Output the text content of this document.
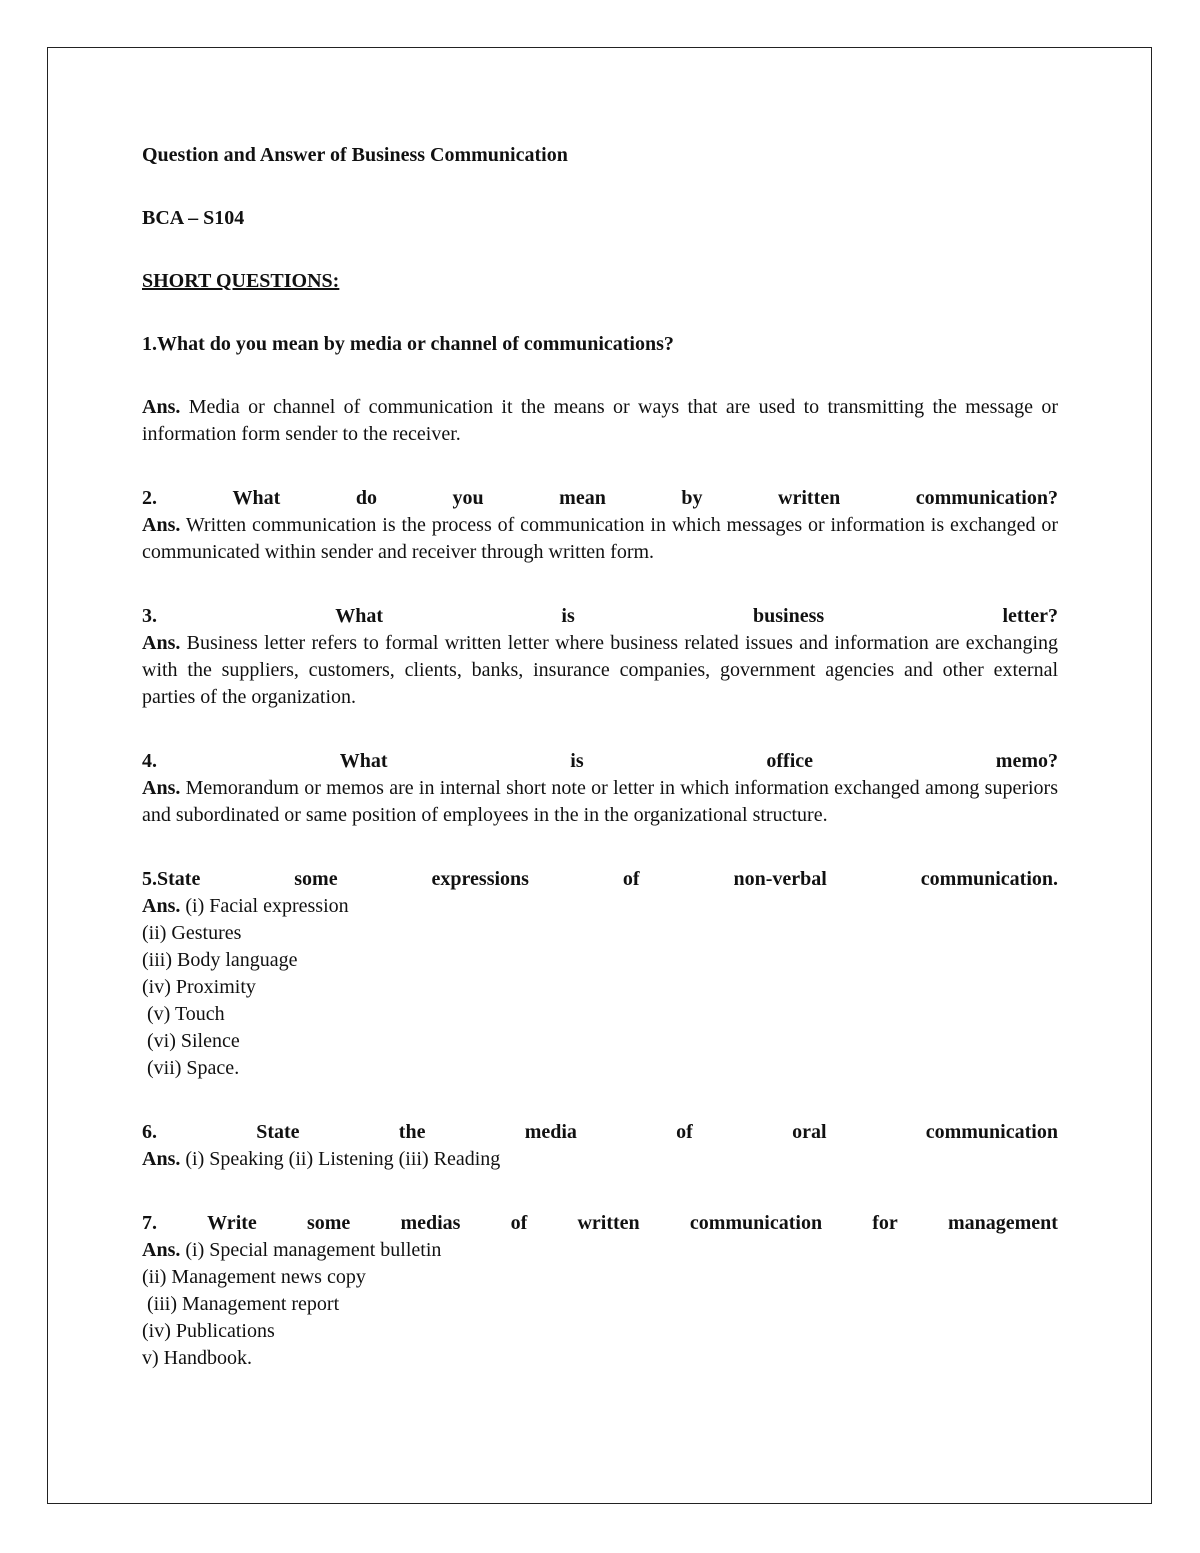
Question and Answer of Business Communication
BCA – S104
SHORT QUESTIONS:
1.What do you mean by media or channel of communications?

Ans. Media or channel of communication it the means or ways that are used to transmitting the message or information form sender to the receiver.

2.	What	do	you	mean	by	written	communication?

Ans. Written communication is the process of communication in which messages or information is exchanged or communicated within sender and receiver through written form.

3.	What	is	business	letter?

Ans. Business letter refers to formal written letter where business related issues and information are exchanging with the suppliers, customers, clients, banks, insurance companies, government agencies and other external parties of the organization.

4.	What	is	office	memo?

Ans. Memorandum or memos are in internal short note or letter in which information exchanged among superiors and subordinated or same position of employees in the in the organizational structure.

5.State	some	expressions	of	non-verbal	communication.
Ans. (i) Facial expression
(ii) Gestures
(iii) Body language
(iv) Proximity
(v) Touch
(vi) Silence
(vii) Space.
6.	State	the	media	of	oral	communication
Ans. (i) Speaking (ii) Listening (iii) Reading
7.	Write	some	medias	of	written	communication	for	management
Ans. (i) Special management bulletin
(ii) Management news copy
(iii) Management report
(iv) Publications
v) Handbook.
